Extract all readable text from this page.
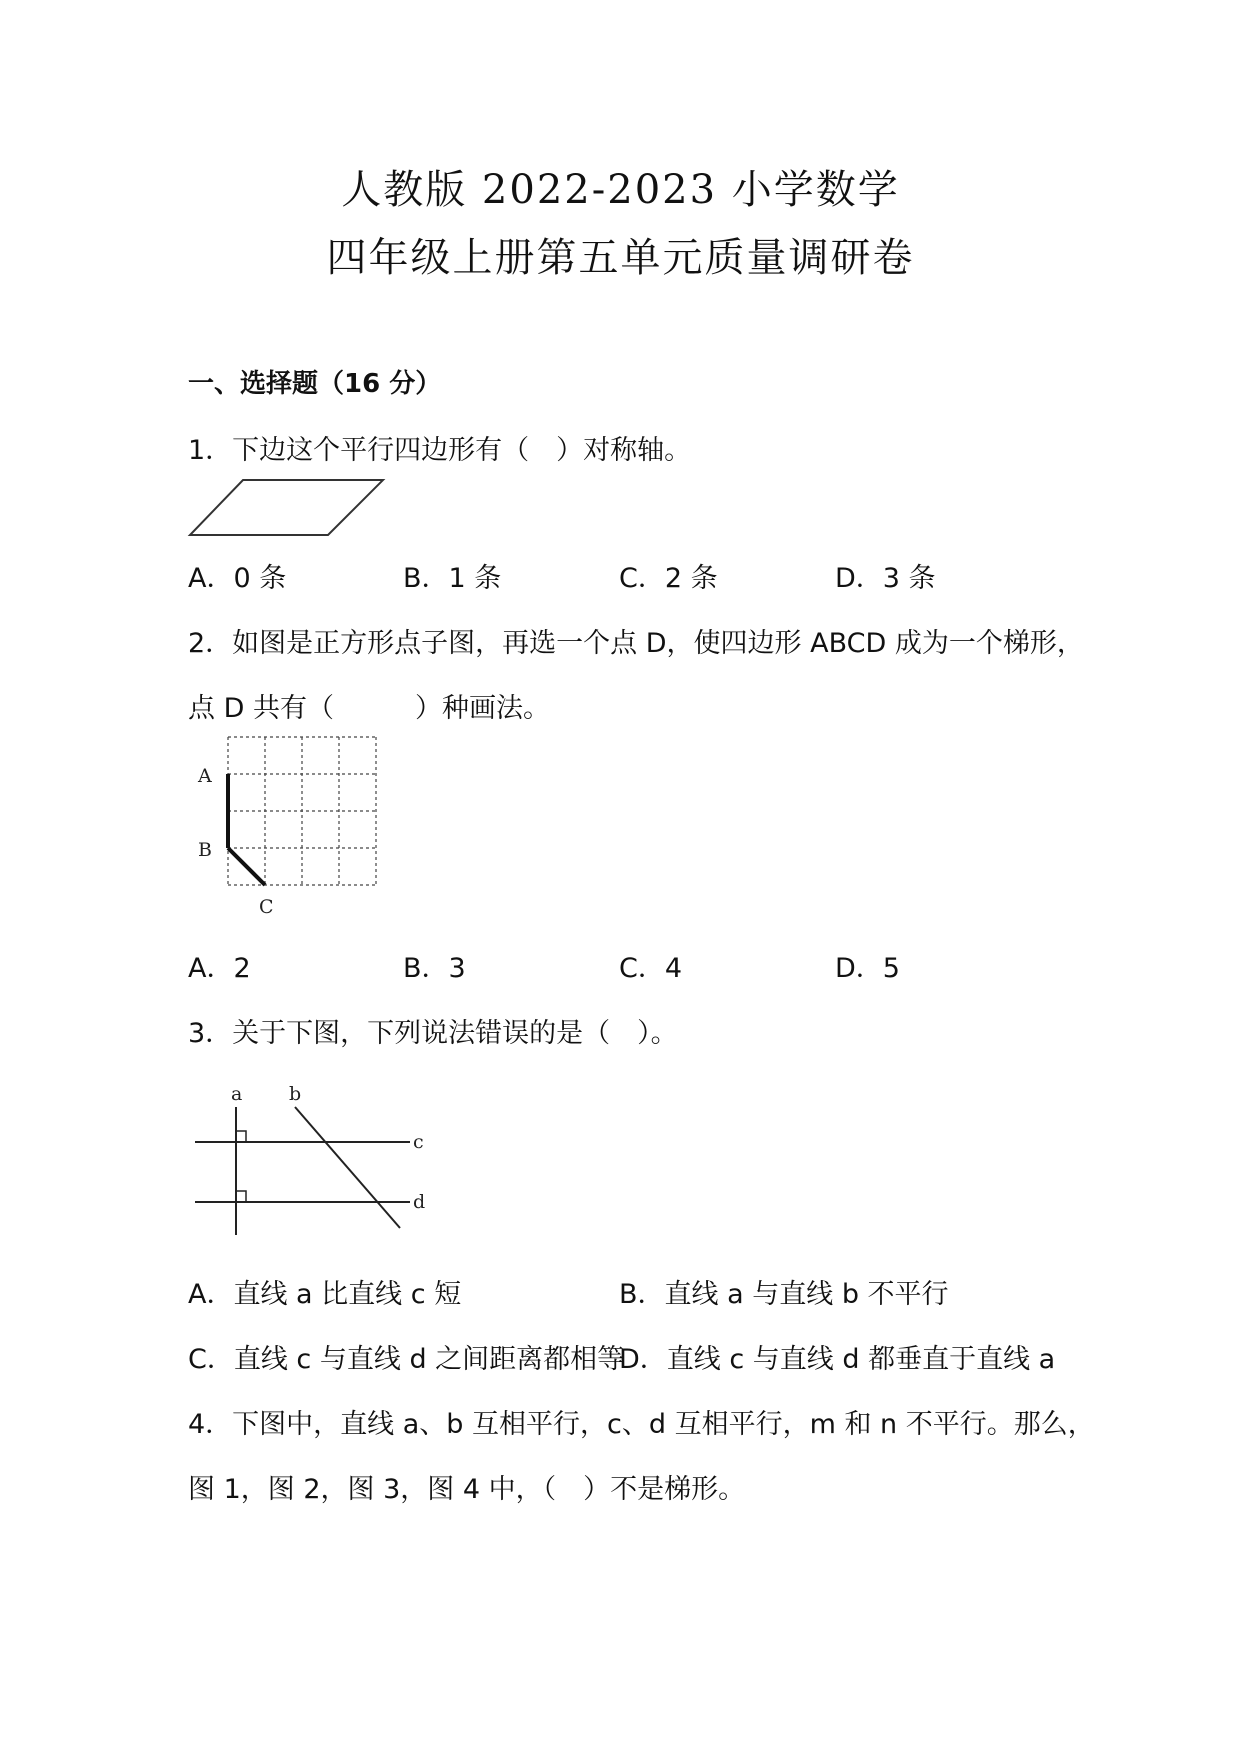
人教版 2022-2023 小学数学
四年级上册第五单元质量调研卷
一、选择题（16 分）
1．下边这个平行四边形有（　）对称轴。
A．0 条	B．1 条	C．2 条	D．3 条
2．如图是正方形点子图，再选一个点 D，使四边形 ABCD 成为一个梯形，
点 D 共有（　　　）种画法。
A
B
C
A．2	B．3	C．4	D．5
3．关于下图，下列说法错误的是（　）。
a b
c
d
A．直线 a 比直线 c 短	B．直线 a 与直线 b 不平行
C．直线 c 与直线 d 之间距离都相等
D．直线 c 与直线 d 都垂直于直线 a
4．下图中，直线 a、b 互相平行，c、d 互相平行，m 和 n 不平行。那么，
图 1，图 2，图 3，图 4 中，（　）不是梯形。
